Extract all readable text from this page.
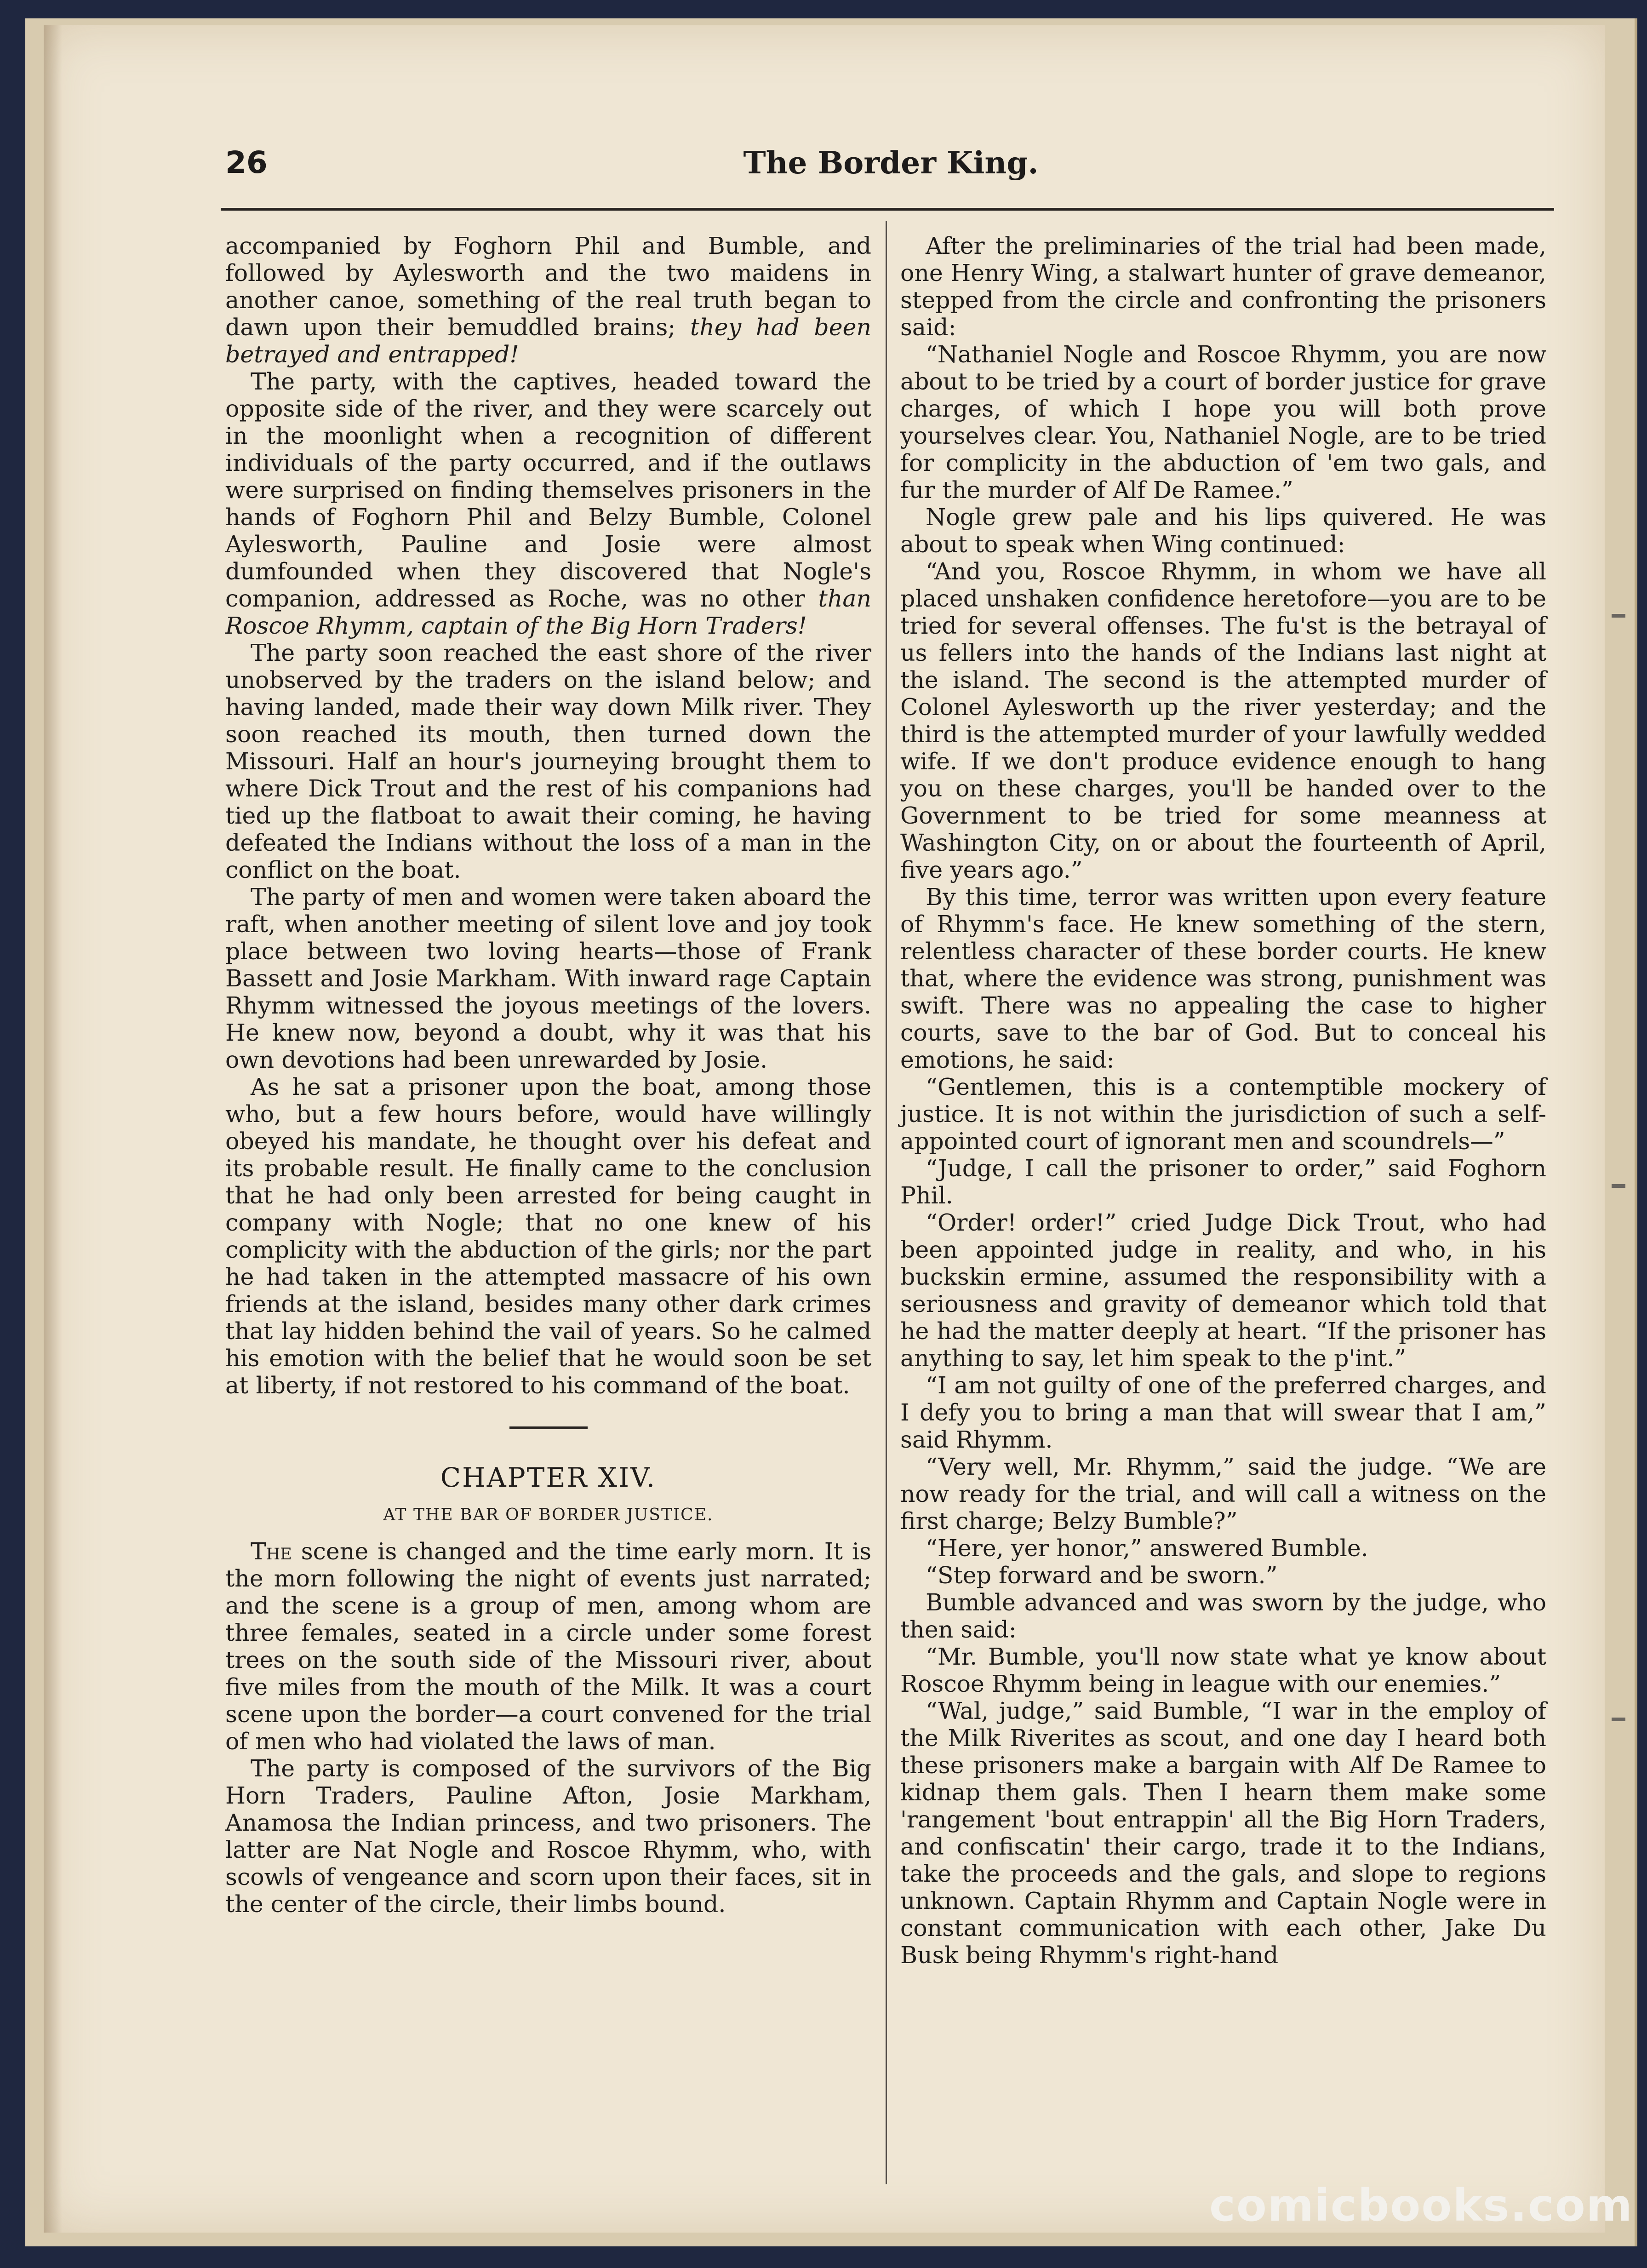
26	The Border King.

accompanied by Foghorn Phil and Bumble, and followed by Aylesworth and the two maidens in another canoe, something of the real truth began to dawn upon their bemuddled brains; they had been betrayed and entrapped!

The party, with the captives, headed toward the opposite side of the river, and they were scarcely out in the moonlight when a recognition of different individuals of the party occurred, and if the outlaws were surprised on finding themselves prisoners in the hands of Foghorn Phil and Belzy Bumble, Colonel Aylesworth, Pauline and Josie were almost dumfounded when they discovered that Nogle's companion, addressed as Roche, was no other than Roscoe Rhymm, captain of the Big Horn Traders!

The party soon reached the east shore of the river unobserved by the traders on the island below; and having landed, made their way down Milk river. They soon reached its mouth, then turned down the Missouri. Half an hour's journeying brought them to where Dick Trout and the rest of his companions had tied up the flatboat to await their coming, he having defeated the Indians without the loss of a man in the conflict on the boat.

The party of men and women were taken aboard the raft, when another meeting of silent love and joy took place between two loving hearts—those of Frank Bassett and Josie Markham. With inward rage Captain Rhymm witnessed the joyous meetings of the lovers. He knew now, beyond a doubt, why it was that his own devotions had been unrewarded by Josie.

As he sat a prisoner upon the boat, among those who, but a few hours before, would have willingly obeyed his mandate, he thought over his defeat and its probable result. He finally came to the conclusion that he had only been arrested for being caught in company with Nogle; that no one knew of his complicity with the abduction of the girls; nor the part he had taken in the attempted massacre of his own friends at the island, besides many other dark crimes that lay hidden behind the vail of years. So he calmed his emotion with the belief that he would soon be set at liberty, if not restored to his command of the boat.

CHAPTER XIV.
AT THE BAR OF BORDER JUSTICE.

The scene is changed and the time early morn. It is the morn following the night of events just narrated; and the scene is a group of men, among whom are three females, seated in a circle under some forest trees on the south side of the Missouri river, about five miles from the mouth of the Milk. It was a court scene upon the border—a court convened for the trial of men who had violated the laws of man.

The party is composed of the survivors of the Big Horn Traders, Pauline Afton, Josie Markham, Anamosa the Indian princess, and two prisoners. The latter are Nat Nogle and Roscoe Rhymm, who, with scowls of vengeance and scorn upon their faces, sit in the center of the circle, their limbs bound.

After the preliminaries of the trial had been made, one Henry Wing, a stalwart hunter of grave demeanor, stepped from the circle and confronting the prisoners said:

“Nathaniel Nogle and Roscoe Rhymm, you are now about to be tried by a court of border justice for grave charges, of which I hope you will both prove yourselves clear. You, Nathaniel Nogle, are to be tried for complicity in the abduction of 'em two gals, and fur the murder of Alf De Ramee.”

Nogle grew pale and his lips quivered. He was about to speak when Wing continued:

“And you, Roscoe Rhymm, in whom we have all placed unshaken confidence heretofore—you are to be tried for several offenses. The fu'st is the betrayal of us fellers into the hands of the Indians last night at the island. The second is the attempted murder of Colonel Aylesworth up the river yesterday; and the third is the attempted murder of your lawfully wedded wife. If we don't produce evidence enough to hang you on these charges, you'll be handed over to the Government to be tried for some meanness at Washington City, on or about the fourteenth of April, five years ago.”

By this time, terror was written upon every feature of Rhymm's face. He knew something of the stern, relentless character of these border courts. He knew that, where the evidence was strong, punishment was swift. There was no appealing the case to higher courts, save to the bar of God. But to conceal his emotions, he said:

“Gentlemen, this is a contemptible mockery of justice. It is not within the jurisdiction of such a self-appointed court of ignorant men and scoundrels—”

“Judge, I call the prisoner to order,” said Foghorn Phil.

“Order! order!” cried Judge Dick Trout, who had been appointed judge in reality, and who, in his buckskin ermine, assumed the responsibility with a seriousness and gravity of demeanor which told that he had the matter deeply at heart. “If the prisoner has anything to say, let him speak to the p'int.”

“I am not guilty of one of the preferred charges, and I defy you to bring a man that will swear that I am,” said Rhymm.

“Very well, Mr. Rhymm,” said the judge. “We are now ready for the trial, and will call a witness on the first charge; Belzy Bumble?”

“Here, yer honor,” answered Bumble.

“Step forward and be sworn.”

Bumble advanced and was sworn by the judge, who then said:

“Mr. Bumble, you'll now state what ye know about Roscoe Rhymm being in league with our enemies.”

“Wal, judge,” said Bumble, “I war in the employ of the Milk Riverites as scout, and one day I heard both these prisoners make a bargain with Alf De Ramee to kidnap them gals. Then I hearn them make some 'rangement 'bout entrappin' all the Big Horn Traders, and confiscatin' their cargo, trade it to the Indians, take the proceeds and the gals, and slope to regions unknown. Captain Rhymm and Captain Nogle were in constant communication with each other, Jake Du Busk being Rhymm's right-hand

comicbooks.com
